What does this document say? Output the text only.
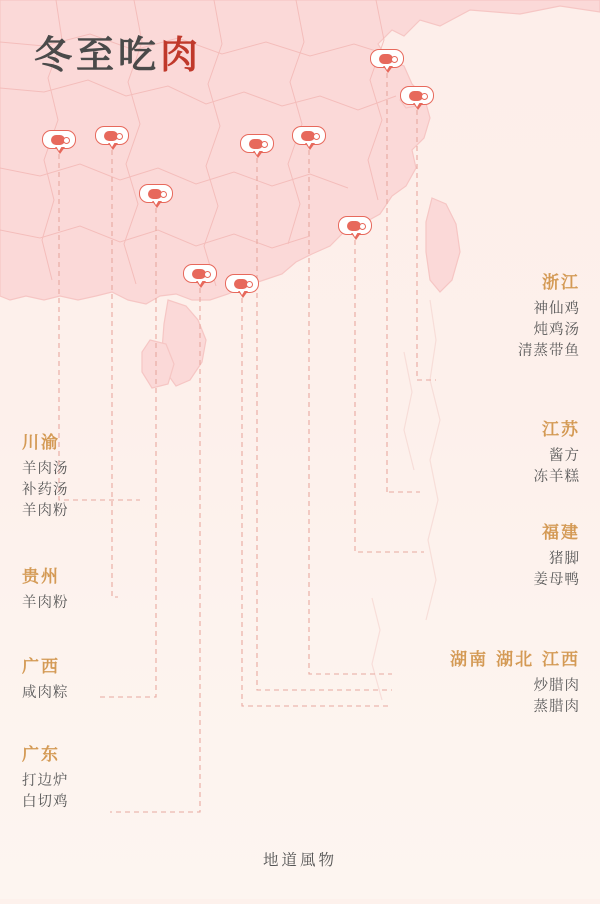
冬至吃肉
浙江
神仙鸡
炖鸡汤
清蒸带鱼
江苏
酱方
冻羊糕
福建
猪脚
姜母鸭
湖南 湖北 江西
炒腊肉
蒸腊肉
川渝
羊肉汤
补药汤
羊肉粉
贵州
羊肉粉
广西
咸肉粽
广东
打边炉
白切鸡
地道風物
